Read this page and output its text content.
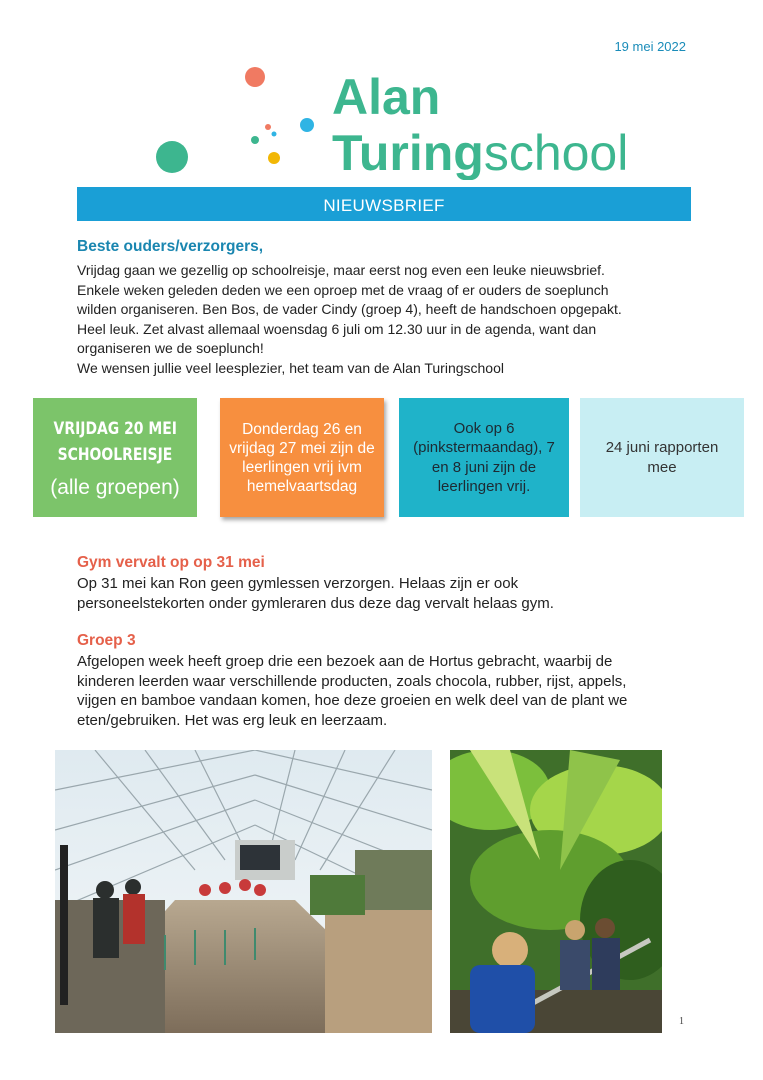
19 mei 2022
Alan
Turingschool
NIEUWSBRIEF
Beste ouders/verzorgers,

Vrijdag gaan we gezellig op schoolreisje, maar eerst nog even een leuke nieuwsbrief.

Enkele weken geleden deden we een oproep met de vraag of er ouders de soeplunch

wilden organiseren. Ben Bos, de vader Cindy (groep 4), heeft de handschoen opgepakt.

Heel leuk. Zet alvast allemaal woensdag 6 juli om 12.30 uur in de agenda, want dan

organiseren we de soeplunch!

We wensen jullie veel leesplezier, het team van de Alan Turingschool

VRIJDAG 20 MEI
SCHOOLREISJE
(alle groepen)
Donderdag 26 en vrijdag 27 mei zijn de leerlingen vrij ivm hemelvaartsdag
Ook op 6 (pinkstermaandag), 7 en 8 juni zijn de leerlingen vrij.
24 juni rapporten mee
Gym vervalt op op 31 mei
Op 31 mei kan Ron geen gymlessen verzorgen. Helaas zijn er ook
personeelstekorten onder gymleraren dus deze dag vervalt helaas gym.
Groep 3
Afgelopen week heeft groep drie een bezoek aan de Hortus gebracht, waarbij de
kinderen leerden waar verschillende producten, zoals chocola, rubber, rijst, appels,
vijgen en bamboe vandaan komen, hoe deze groeien en welk deel van de plant we
eten/gebruiken. Het was erg leuk en leerzaam.
1
